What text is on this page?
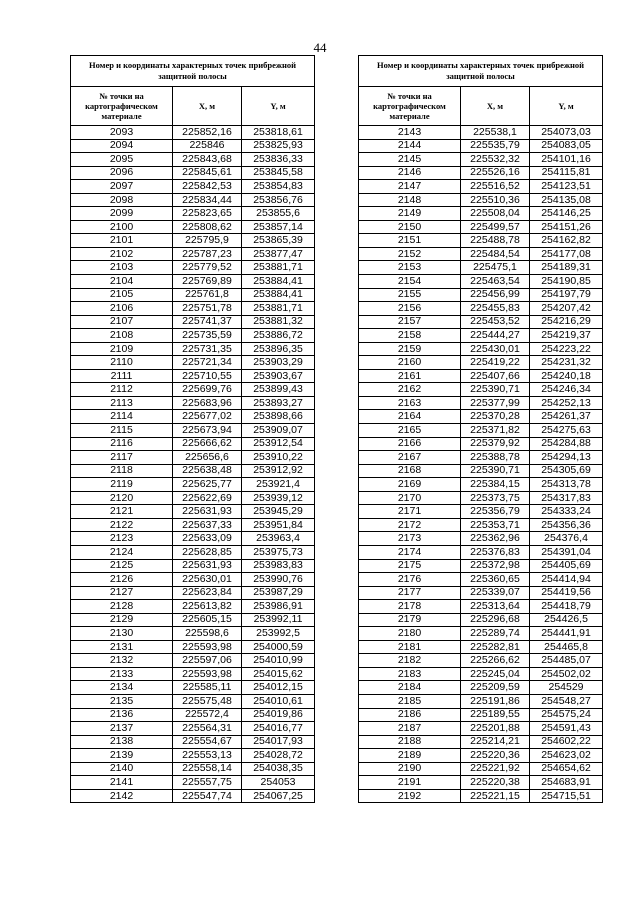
44
Номер и координаты характерных точек прибрежной защитной полосы		
№ точки на картографическом материале	X, м	Y, м
2093	225852,16	253818,61
2094	225846	253825,93
2095	225843,68	253836,33
2096	225845,61	253845,58
2097	225842,53	253854,83
2098	225834,44	253856,76
2099	225823,65	253855,6
2100	225808,62	253857,14
2101	225795,9	253865,39
2102	225787,23	253877,47
2103	225779,52	253881,71
2104	225769,89	253884,41
2105	225761,8	253884,41
2106	225751,78	253881,71
2107	225741,37	253881,32
2108	225735,59	253886,72
2109	225731,35	253896,35
2110	225721,34	253903,29
2111	225710,55	253903,67
2112	225699,76	253899,43
2113	225683,96	253893,27
2114	225677,02	253898,66
2115	225673,94	253909,07
2116	225666,62	253912,54
2117	225656,6	253910,22
2118	225638,48	253912,92
2119	225625,77	253921,4
2120	225622,69	253939,12
2121	225631,93	253945,29
2122	225637,33	253951,84
2123	225633,09	253963,4
2124	225628,85	253975,73
2125	225631,93	253983,83
2126	225630,01	253990,76
2127	225623,84	253987,29
2128	225613,82	253986,91
2129	225605,15	253992,11
2130	225598,6	253992,5
2131	225593,98	254000,59
2132	225597,06	254010,99
2133	225593,98	254015,62
2134	225585,11	254012,15
2135	225575,48	254010,61
2136	225572,4	254019,86
2137	225564,31	254016,77
2138	225554,67	254017,93
2139	225553,13	254028,72
2140	225558,14	254038,35
2141	225557,75	254053
2142	225547,74	254067,25
Номер и координаты характерных точек прибрежной защитной полосы		
№ точки на картографическом материале	X, м	Y, м
2143	225538,1	254073,03
2144	225535,79	254083,05
2145	225532,32	254101,16
2146	225526,16	254115,81
2147	225516,52	254123,51
2148	225510,36	254135,08
2149	225508,04	254146,25
2150	225499,57	254151,26
2151	225488,78	254162,82
2152	225484,54	254177,08
2153	225475,1	254189,31
2154	225463,54	254190,85
2155	225456,99	254197,79
2156	225455,83	254207,42
2157	225453,52	254216,29
2158	225444,27	254219,37
2159	225430,01	254223,22
2160	225419,22	254231,32
2161	225407,66	254240,18
2162	225390,71	254246,34
2163	225377,99	254252,13
2164	225370,28	254261,37
2165	225371,82	254275,63
2166	225379,92	254284,88
2167	225388,78	254294,13
2168	225390,71	254305,69
2169	225384,15	254313,78
2170	225373,75	254317,83
2171	225356,79	254333,24
2172	225353,71	254356,36
2173	225362,96	254376,4
2174	225376,83	254391,04
2175	225372,98	254405,69
2176	225360,65	254414,94
2177	225339,07	254419,56
2178	225313,64	254418,79
2179	225296,68	254426,5
2180	225289,74	254441,91
2181	225282,81	254465,8
2182	225266,62	254485,07
2183	225245,04	254502,02
2184	225209,59	254529
2185	225191,86	254548,27
2186	225189,55	254575,24
2187	225201,88	254591,43
2188	225214,21	254602,22
2189	225220,36	254623,02
2190	225221,92	254654,62
2191	225220,38	254683,91
2192	225221,15	254715,51
